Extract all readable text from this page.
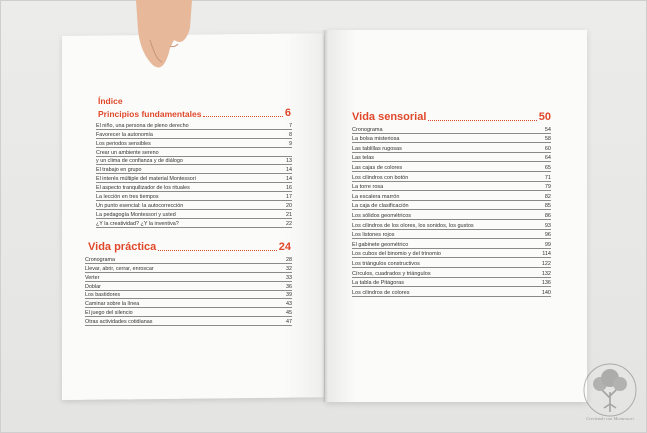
Índice
Principios fundamentales	6
El niño, una persona de pleno derecho	7
Favorecer la autonomía	8
Los periodos sensibles	9
Crear un ambiente sereno
y un clima de confianza y de diálogo	13
El trabajo en grupo	14
El interés múltiple del material Montessori	14
El aspecto tranquilizador de los rituales	16
La lección en tres tiempos	17
Un punto esencial: la autocorrección	20
La pedagogía Montessori y usted	21
¿Y la creatividad? ¿Y la inventiva?	22
Vida práctica	24
Cronograma	28
Llevar, abrir, cerrar, enroscar	32
Verter	33
Doblar	36
Los bastidores	39
Caminar sobre la línea	43
El juego del silencio	45
Otras actividades cotidianas	47
Vida sensorial	50
Cronograma	54
La bolsa misteriosa	58
Las tablillas rugosas	60
Las telas	64
Las cajas de colores	65
Los cilindros con botón	71
La torre rosa	79
La escalera marrón	82
La caja de clasificación	85
Los sólidos geométricos	86
Los cilindros de los olores, los sonidos, los gustos	93
Los listones rojos	96
El gabinete geométrico	99
Los cubos del binomio y del trinomio	114
Los triángulos constructivos	122
Círculos, cuadrados y triángulos	132
La tabla de Pitágoras	136
Los cilindros de colores	140
Creciendo con Montessori
